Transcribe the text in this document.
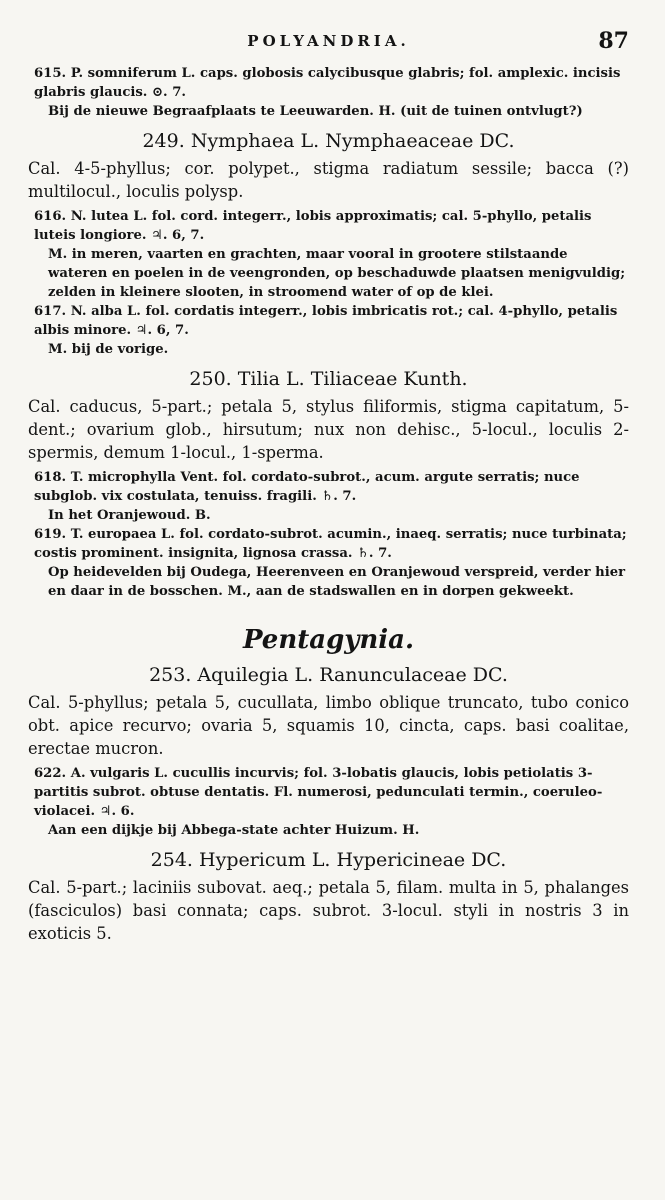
POLYANDRIA.	87

615. P. somniferum L. caps. globosis calycibusque glabris; fol. amplexic. incisis glabris glaucis. ⊙. 7.
Bij de nieuwe Begraafplaats te Leeuwarden. H. (uit de tuinen ontvlugt?)

249. Nymphaea L. Nymphaeaceae DC.

Cal. 4-5-phyllus; cor. polypet., stigma radiatum sessile; bacca (?) multilocul., loculis polysp.

616. N. lutea L. fol. cord. integerr., lobis approximatis; cal. 5-phyllo, petalis luteis longiore. ♃. 6, 7.
M. in meren, vaarten en grachten, maar vooral in grootere stilstaande wateren en poelen in de veengronden, op beschaduwde plaatsen menigvuldig; zelden in kleinere slooten, in stroomend water of op de klei.

617. N. alba L. fol. cordatis integerr., lobis imbricatis rot.; cal. 4-phyllo, petalis albis minore. ♃. 6, 7.
M. bij de vorige.

250. Tilia L. Tiliaceae Kunth.

Cal. caducus, 5-part.; petala 5, stylus filiformis, stigma capitatum, 5-dent.; ovarium glob., hirsutum; nux non dehisc., 5-locul., loculis 2-spermis, demum 1-locul., 1-sperma.

618. T. microphylla Vent. fol. cordato-subrot., acum. argute serratis; nuce subglob. vix costulata, tenuiss. fragili. ♄. 7.
In het Oranjewoud. B.

619. T. europaea L. fol. cordato-subrot. acumin., inaeq. serratis; nuce turbinata; costis prominent. insignita, lignosa crassa. ♄. 7.
Op heidevelden bij Oudega, Heerenveen en Oranjewoud verspreid, verder hier en daar in de bosschen. M., aan de stadswallen en in dorpen gekweekt.

Pentagynia.
253. Aquilegia L. Ranunculaceae DC.

Cal. 5-phyllus; petala 5, cucullata, limbo oblique truncato, tubo conico obt. apice recurvo; ovaria 5, squamis 10, cincta, caps. basi coalitae, erectae mucron.

622. A. vulgaris L. cucullis incurvis; fol. 3-lobatis glaucis, lobis petiolatis 3-partitis subrot. obtuse dentatis. Fl. numerosi, pedunculati termin., coeruleo-violacei. ♃. 6.
Aan een dijkje bij Abbega-state achter Huizum. H.

254. Hypericum L. Hypericineae DC.

Cal. 5-part.; laciniis subovat. aeq.; petala 5, filam. multa in 5, phalanges (fasciculos) basi connata; caps. subrot. 3-locul. styli in nostris 3 in exoticis 5.
